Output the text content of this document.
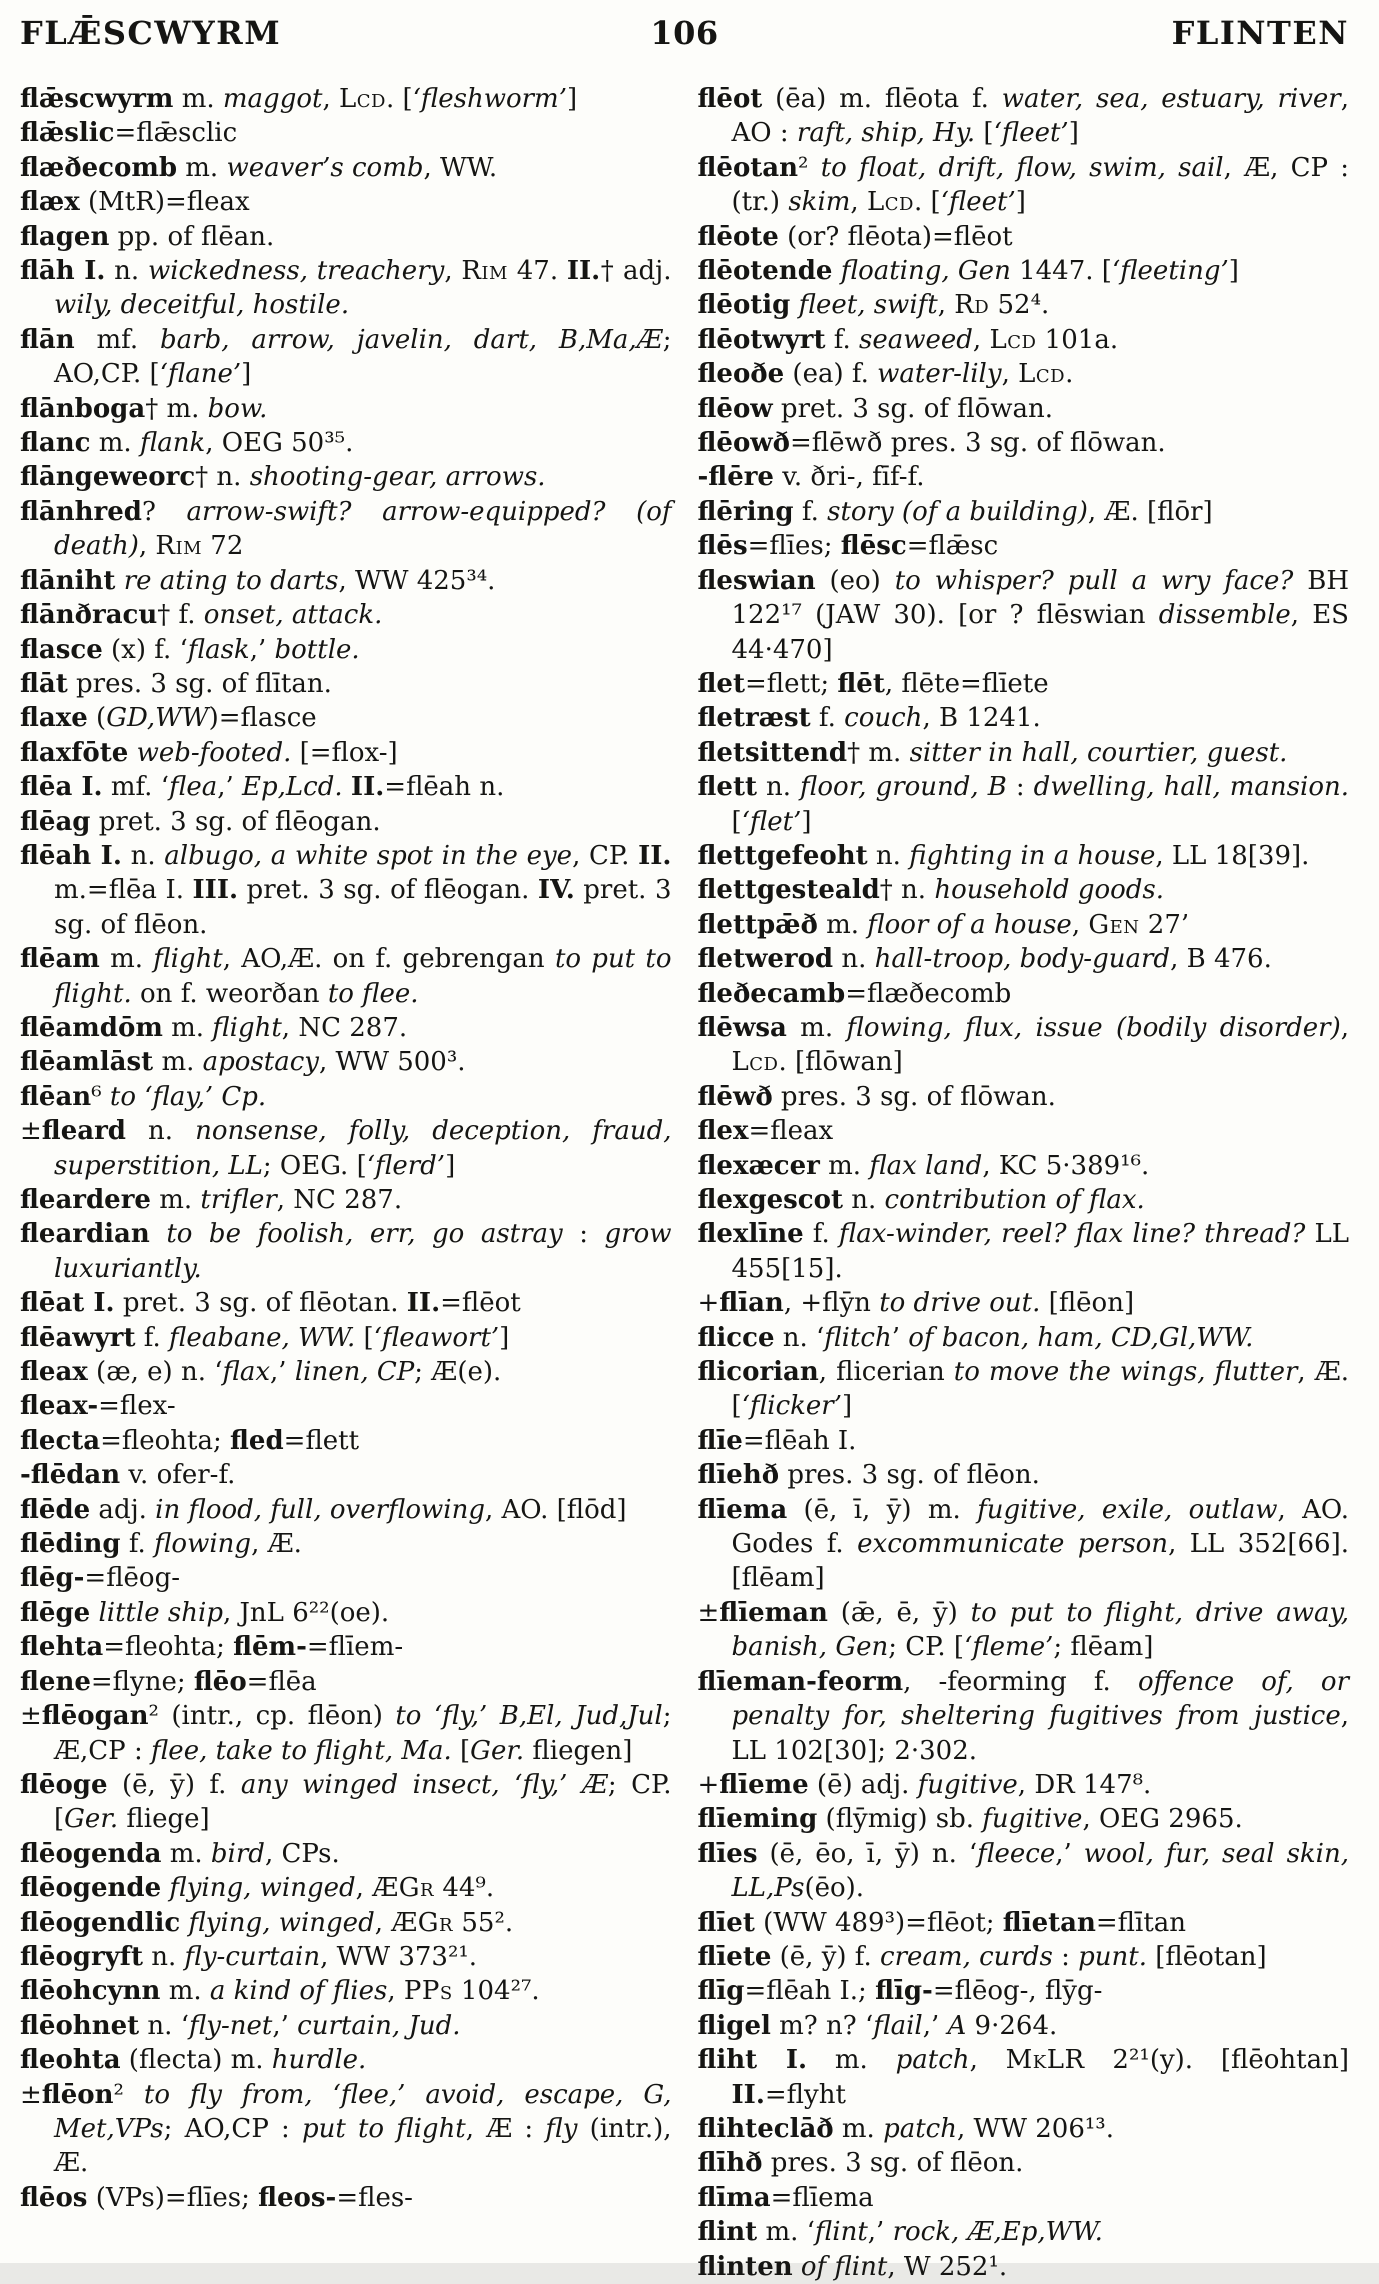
FLǢSCWYRM	106	FLINTEN
flǣscwyrm m. maggot, Lcd. [‘fleshworm’]
flǣslic=flǣsclic
flæðecomb m. weaver’s comb, WW.
flæx (MtR)=fleax
flagen pp. of flēan.
flāh I. n. wickedness, treachery, Rim 47. II.† adj. wily, deceitful, hostile.
flān mf. barb, arrow, javelin, dart, B,Ma,Æ; AO,CP. [‘flane’]
flānboga† m. bow.
flanc m. flank, OEG 50³⁵.
flāngeweorc† n. shooting-gear, arrows.
flānhred? arrow-swift? arrow-equipped? (of death), Rim 72
flāniht re ating to darts, WW 425³⁴.
flānðracu† f. onset, attack.
flasce (x) f. ‘flask,’ bottle.
flāt pres. 3 sg. of flītan.
flaxe (GD,WW)=flasce
flaxfōte web-footed. [=flox-]
flēa I. mf. ‘flea,’ Ep,Lcd. II.=flēah n.
flēag pret. 3 sg. of flēogan.
flēah I. n. albugo, a white spot in the eye, CP. II. m.=flēa I. III. pret. 3 sg. of flēogan. IV. pret. 3 sg. of flēon.
flēam m. flight, AO,Æ. on f. gebrengan to put to flight. on f. weorðan to flee.
flēamdōm m. flight, NC 287.
flēamlāst m. apostacy, WW 500³.
flēan⁶ to ‘flay,’ Cp.
±fleard n. nonsense, folly, deception, fraud, superstition, LL; OEG. [‘flerd’]
fleardere m. trifler, NC 287.
fleardian to be foolish, err, go astray : grow luxuriantly.
flēat I. pret. 3 sg. of flēotan. II.=flēot
flēawyrt f. fleabane, WW. [‘fleawort’]
fleax (æ, e) n. ‘flax,’ linen, CP; Æ(e).
fleax-=flex-
flecta=fleohta; fled=flett
-flēdan v. ofer-f.
flēde adj. in flood, full, overflowing, AO. [flōd]
flēding f. flowing, Æ.
flēg-=flēog-
flēge little ship, JnL 6²²(oe).
flehta=fleohta; flēm-=flīem-
flene=flyne; flēo=flēa
±flēogan² (intr., cp. flēon) to ‘fly,’ B,El, Jud,Jul; Æ,CP : flee, take to flight, Ma. [Ger. fliegen]
flēoge (ē, ȳ) f. any winged insect, ‘fly,’ Æ; CP. [Ger. fliege]
flēogenda m. bird, CPs.
flēogende flying, winged, ÆGr 44⁹.
flēogendlic flying, winged, ÆGr 55².
flēogryft n. fly-curtain, WW 373²¹.
flēohcynn m. a kind of flies, PPs 104²⁷.
flēohnet n. ‘fly-net,’ curtain, Jud.
fleohta (flecta) m. hurdle.
±flēon² to fly from, ‘flee,’ avoid, escape, G, Met,VPs; AO,CP : put to flight, Æ : fly (intr.), Æ.
flēos (VPs)=flīes; fleos-=fles-
flēot (ēa) m. flēota f. water, sea, estuary, river, AO : raft, ship, Hy. [‘fleet’]
flēotan² to float, drift, flow, swim, sail, Æ, CP : (tr.) skim, Lcd. [‘fleet’]
flēote (or? flēota)=flēot
flēotende floating, Gen 1447. [‘fleeting’]
flēotig fleet, swift, Rd 52⁴.
flēotwyrt f. seaweed, Lcd 101a.
fleoðe (ea) f. water-lily, Lcd.
flēow pret. 3 sg. of flōwan.
flēowð=flēwð pres. 3 sg. of flōwan.
-flēre v. ðri-, fīf-f.
flēring f. story (of a building), Æ. [flōr]
flēs=flīes; flēsc=flǣsc
fleswian (eo) to whisper? pull a wry face? BH 122¹⁷ (JAW 30). [or ? flēswian dissemble, ES 44·470]
flet=flett; flēt, flēte=flīete
fletræst f. couch, B 1241.
fletsittend† m. sitter in hall, courtier, guest.
flett n. floor, ground, B : dwelling, hall, mansion. [‘flet’]
flettgefeoht n. fighting in a house, LL 18[39].
flettgesteald† n. household goods.
flettpǣð m. floor of a house, Gen 27’
fletwerod n. hall-troop, body-guard, B 476.
fleðecamb=flæðecomb
flēwsa m. flowing, flux, issue (bodily disorder), Lcd. [flōwan]
flēwð pres. 3 sg. of flōwan.
flex=fleax
flexæcer m. flax land, KC 5·389¹⁶.
flexgescot n. contribution of flax.
flexlīne f. flax-winder, reel? flax line? thread? LL 455[15].
+flīan, +flȳn to drive out. [flēon]
flicce n. ‘flitch’ of bacon, ham, CD,Gl,WW.
flicorian, flicerian to move the wings, flutter, Æ. [‘flicker’]
flīe=flēah I.
flīehð pres. 3 sg. of flēon.
flīema (ē, ī, ȳ) m. fugitive, exile, outlaw, AO. Godes f. excommunicate person, LL 352[66]. [flēam]
±flīeman (ǣ, ē, ȳ) to put to flight, drive away, banish, Gen; CP. [‘fleme’; flēam]
flīeman-feorm, -feorming f. offence of, or penalty for, sheltering fugitives from justice, LL 102[30]; 2·302.
+flīeme (ē) adj. fugitive, DR 147⁸.
flīeming (flȳmig) sb. fugitive, OEG 2965.
flīes (ē, ēo, ī, ȳ) n. ‘fleece,’ wool, fur, seal skin, LL,Ps(ēo).
flīet (WW 489³)=flēot; flīetan=flītan
flīete (ē, ȳ) f. cream, curds : punt. [flēotan]
flīg=flēah I.; flīg-=flēog-, flȳg-
fligel m? n? ‘flail,’ A 9·264.
fliht I. m. patch, MkLR 2²¹(y). [flēohtan] II.=flyht
flihteclāð m. patch, WW 206¹³.
flīhð pres. 3 sg. of flēon.
flīma=flīema
flint m. ‘flint,’ rock, Æ,Ep,WW.
flinten of flint, W 252¹.
